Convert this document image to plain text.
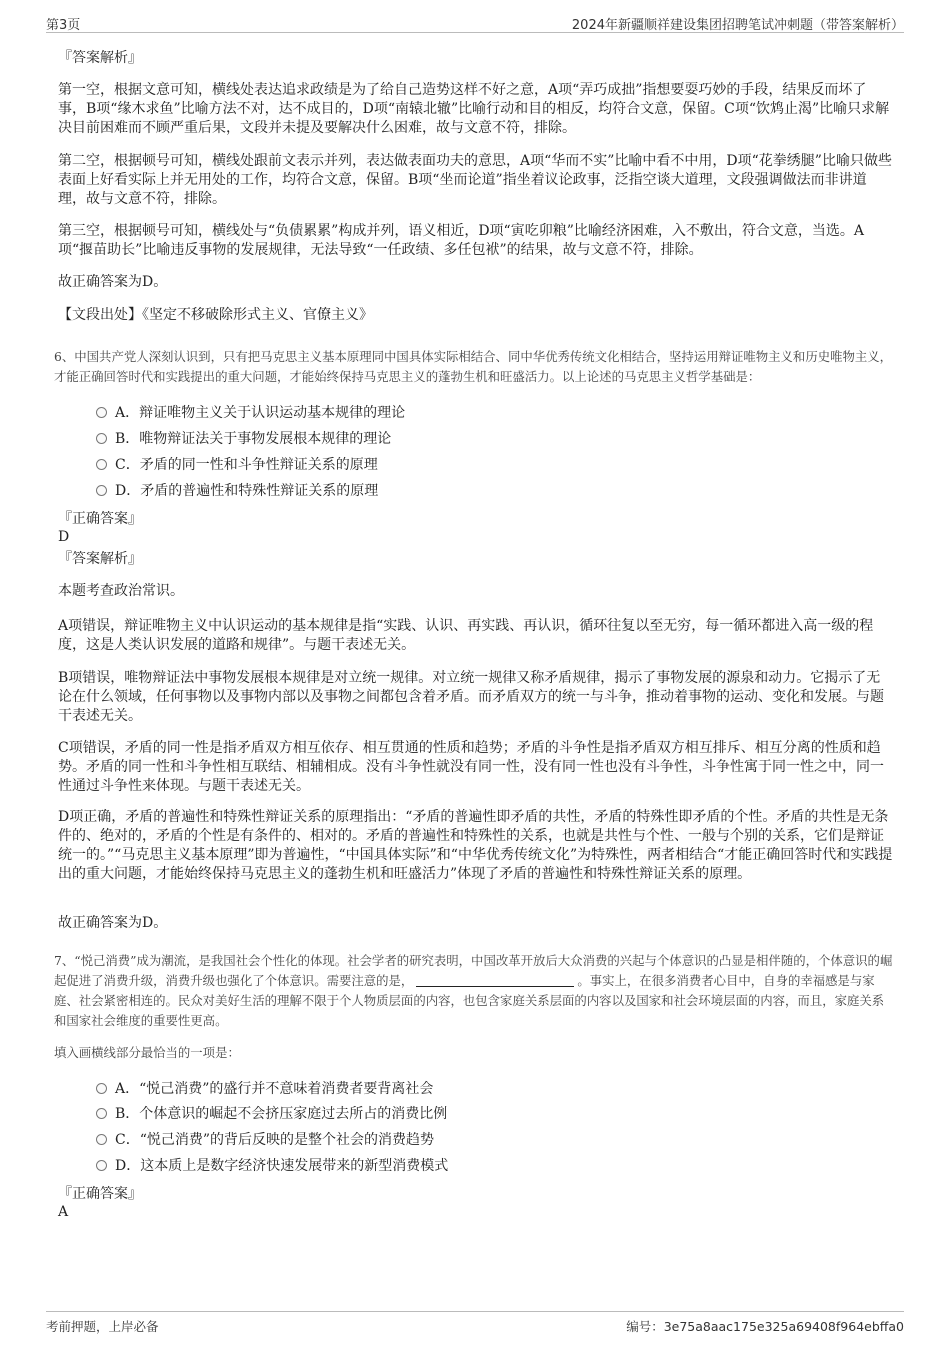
第3页	2024年新疆顺祥建设集团招聘笔试冲刺题（带答案解析）
『答案解析』
第一空，根据文意可知，横线处表达追求政绩是为了给自己造势这样不好之意，A项“弄巧成拙”指想要耍巧妙的手段，结果反而坏了事，B项“缘木求鱼”比喻方法不对，达不成目的，D项“南辕北辙”比喻行动和目的相反，均符合文意，保留。C项“饮鸩止渴”比喻只求解决目前困难而不顾严重后果，文段并未提及要解决什么困难，故与文意不符，排除。
第二空，根据顿号可知，横线处跟前文表示并列，表达做表面功夫的意思，A项“华而不实”比喻中看不中用，D项“花拳绣腿”比喻只做些表面上好看实际上并无用处的工作，均符合文意，保留。B项“坐而论道”指坐着议论政事，泛指空谈大道理，文段强调做法而非讲道理，故与文意不符，排除。
第三空，根据顿号可知，横线处与“负债累累”构成并列，语义相近，D项“寅吃卯粮”比喻经济困难，入不敷出，符合文意，当选。A项“揠苗助长”比喻违反事物的发展规律，无法导致“一任政绩、多任包袱”的结果，故与文意不符，排除。
故正确答案为D。
【文段出处】《坚定不移破除形式主义、官僚主义》
6、中国共产党人深刻认识到，只有把马克思主义基本原理同中国具体实际相结合、同中华优秀传统文化相结合，坚持运用辩证唯物主义和历史唯物主义，才能正确回答时代和实践提出的重大问题，才能始终保持马克思主义的蓬勃生机和旺盛活力。以上论述的马克思主义哲学基础是：
A．辩证唯物主义关于认识运动基本规律的理论
B．唯物辩证法关于事物发展根本规律的理论
C．矛盾的同一性和斗争性辩证关系的原理
D．矛盾的普遍性和特殊性辩证关系的原理
『正确答案』
D
『答案解析』
本题考查政治常识。
A项错误，辩证唯物主义中认识运动的基本规律是指“实践、认识、再实践、再认识，循环往复以至无穷，每一循环都进入高一级的程度，这是人类认识发展的道路和规律”。与题干表述无关。
B项错误，唯物辩证法中事物发展根本规律是对立统一规律。对立统一规律又称矛盾规律，揭示了事物发展的源泉和动力。它揭示了无论在什么领域，任何事物以及事物内部以及事物之间都包含着矛盾。而矛盾双方的统一与斗争，推动着事物的运动、变化和发展。与题干表述无关。
C项错误，矛盾的同一性是指矛盾双方相互依存、相互贯通的性质和趋势；矛盾的斗争性是指矛盾双方相互排斥、相互分离的性质和趋势。矛盾的同一性和斗争性相互联结、相辅相成。没有斗争性就没有同一性，没有同一性也没有斗争性，斗争性寓于同一性之中，同一性通过斗争性来体现。与题干表述无关。
D项正确，矛盾的普遍性和特殊性辩证关系的原理指出：“矛盾的普遍性即矛盾的共性，矛盾的特殊性即矛盾的个性。矛盾的共性是无条件的、绝对的，矛盾的个性是有条件的、相对的。矛盾的普遍性和特殊性的关系，也就是共性与个性、一般与个别的关系，它们是辩证统一的。”“马克思主义基本原理”即为普遍性，“中国具体实际”和“中华优秀传统文化”为特殊性，两者相结合“才能正确回答时代和实践提出的重大问题，才能始终保持马克思主义的蓬勃生机和旺盛活力”体现了矛盾的普遍性和特殊性辩证关系的原理。
故正确答案为D。
7、“悦己消费”成为潮流，是我国社会个性化的体现。社会学者的研究表明，中国改革开放后大众消费的兴起与个体意识的凸显是相伴随的，个体意识的崛起促进了消费升级，消费升级也强化了个体意识。需要注意的是，	。事实上，在很多消费者心目中，自身的幸福感是与家庭、社会紧密相连的。民众对美好生活的理解不限于个人物质层面的内容，也包含家庭关系层面的内容以及国家和社会环境层面的内容，而且，家庭关系和国家社会维度的重要性更高。
填入画横线部分最恰当的一项是：
A．“悦己消费”的盛行并不意味着消费者要背离社会
B．个体意识的崛起不会挤压家庭过去所占的消费比例
C．“悦己消费”的背后反映的是整个社会的消费趋势
D．这本质上是数字经济快速发展带来的新型消费模式
『正确答案』
A
考前押题，上岸必备	编号：3e75a8aac175e325a69408f964ebffa0
